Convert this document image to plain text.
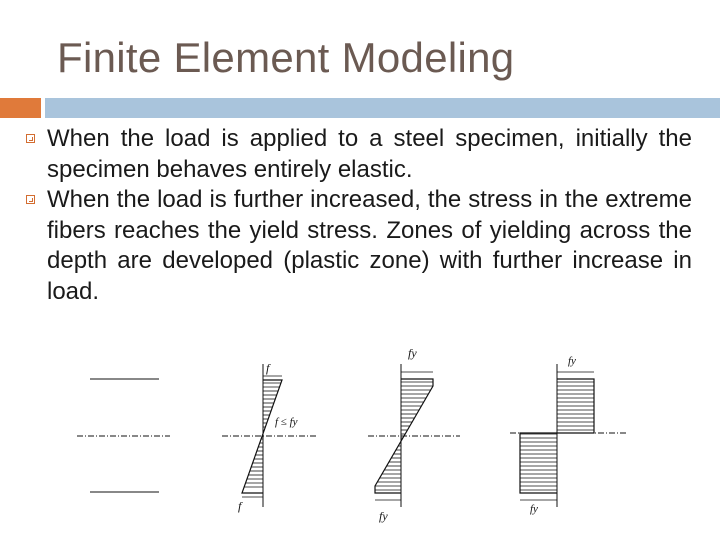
Finite Element Modeling
When the load is applied to a steel specimen, initially the specimen behaves entirely elastic.
When the load is further increased, the stress in the extreme fibers reaches the yield stress. Zones of yielding across the depth are developed (plastic zone) with further increase in load.
f
f ≤ fy
f
fy
fy
fy
fy
